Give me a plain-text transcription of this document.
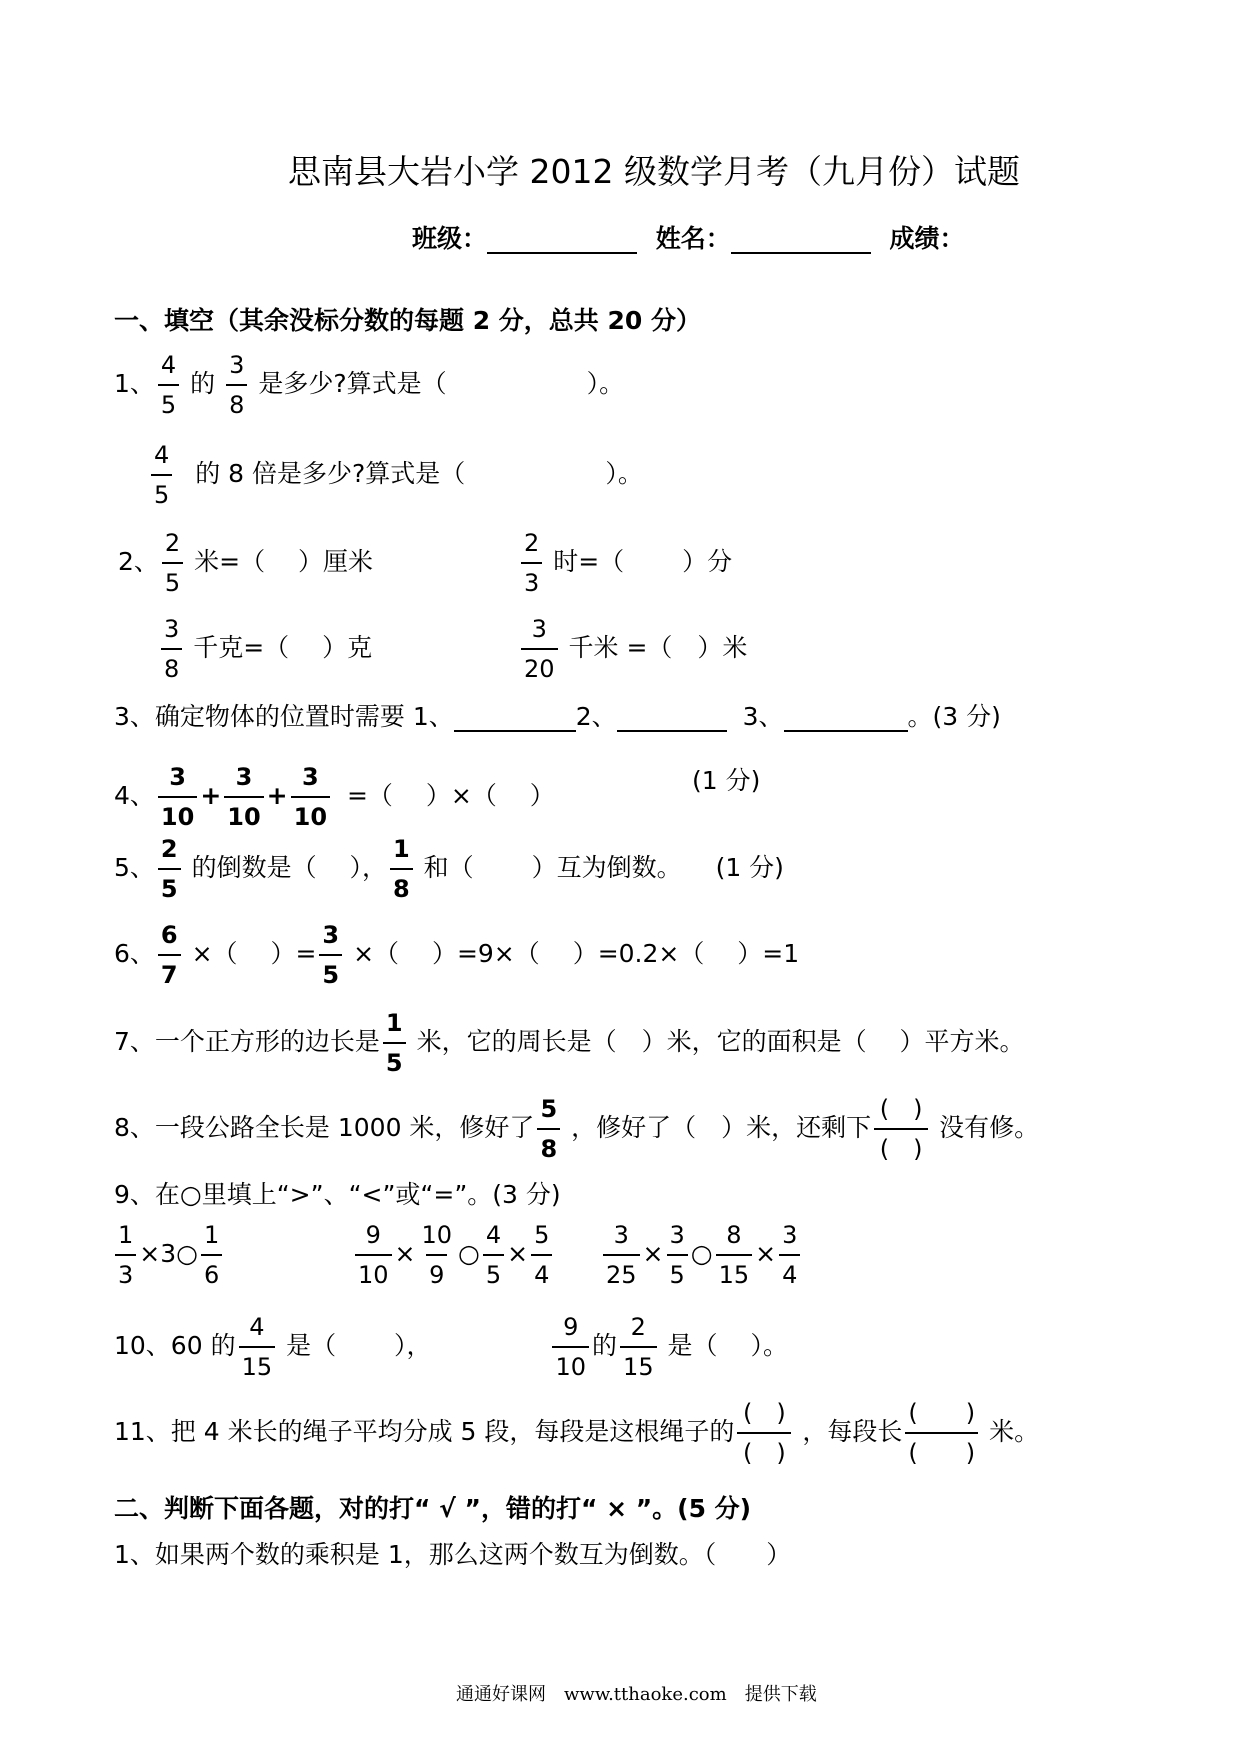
思南县大岩小学 2012 级数学月考（九月份）试题
班级：	姓名：	成绩：
一、填空（其余没标分数的每题 2 分，总共 20 分）
1、 $\frac{4}{5}$ 的 $\frac{3}{8}$ 是多少?算式是（	）。
$\frac{4}{5}$ 的 8 倍是多少?算式是（	）。
2、 $\frac{2}{5}$ 米=（　 ）厘米	$\frac{2}{3}$ 时=（　　 ）分
$\frac{3}{8}$ 千克=（　 ）克	$\frac{3}{20}$ 千米 =（　）米
3、确定物体的位置时需要 1、	2、	3、	。(3 分)
4、 $\frac{3}{10} + \frac{3}{10} + \frac{3}{10}$ =（　 ）×（　 ）
(1 分)
5、 $\frac{2}{5}$ 的倒数是（　 ）， $\frac{1}{8}$ 和（　　 ）互为倒数。 (1 分)
6、 $\frac{6}{7}$ ×（　 ）= $\frac{3}{5}$ ×（　 ）=9×（　 ）=0.2×（　 ）=1
7、一个正方形的边长是 $\frac{1}{5}$ 米，它的周长是（　）米，它的面积是（　 ）平方米。
8、一段公路全长是 1000 米，修好了 $\frac{5}{8}$ ，修好了（　）米，还剩下 $\frac{( )}{( )}$ 没有修。
9、在○里填上“>”、“<”或“=”。(3 分)
$\frac{1}{3}$ ×3○ $\frac{1}{6}$	$\frac{9}{10} \times \frac{10}{9}$ ○ $\frac{4}{5} \times \frac{5}{4} \frac{3}{25} \times \frac{3}{5}$ ○ $\frac{8}{15} \times \frac{3}{4}$
10、60 的 $\frac{4}{15}$ 是（　　 ），	$\frac{9}{10}$ 的 $\frac{2}{15}$ 是（　 ）。
11、把 4 米长的绳子平均分成 5 段，每段是这根绳子的 $\frac{( )}{( )}$ ，每段长 $\frac{( )}{( )}$ 米。
二、判断下面各题，对的打“ √ ”，错的打“ × ”。(5 分)
1、如果两个数的乘积是 1，那么这两个数互为倒数。（　　）
通通好课网　www.tthaoke.com　提供下载
